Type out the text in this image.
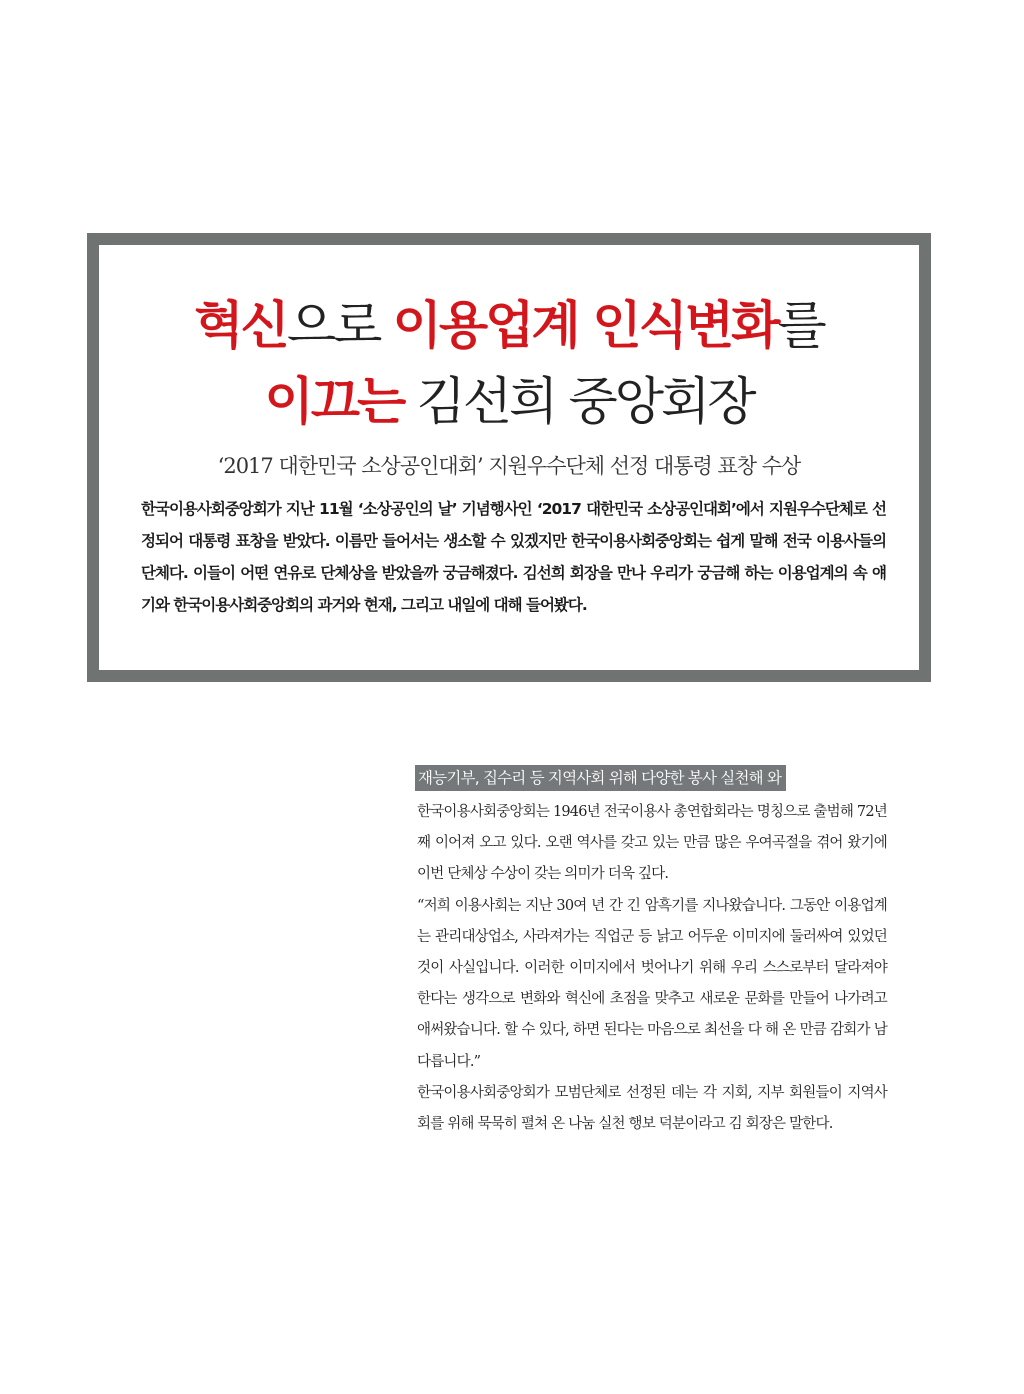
혁신으로 이용업계 인식변화를
이끄는 김선희 중앙회장
‘2017 대한민국 소상공인대회’ 지원우수단체 선정 대통령 표창 수상
한국이용사회중앙회가 지난 11월 ‘소상공인의 날’ 기념행사인 ‘2017 대한민국 소상공인대회’에서 지원우수단체로 선정되어 대통령 표창을 받았다. 이름만 들어서는 생소할 수 있겠지만 한국이용사회중앙회는 쉽게 말해 전국 이용사들의 단체다. 이들이 어떤 연유로 단체상을 받았을까 궁금해졌다. 김선희 회장을 만나 우리가 궁금해 하는 이용업계의 속 얘기와 한국이용사회중앙회의 과거와 현재, 그리고 내일에 대해 들어봤다.
재능기부, 집수리 등 지역사회 위해 다양한 봉사 실천해 와

한국이용사회중앙회는 1946년 전국이용사 총연합회라는 명칭으로 출범해 72년째 이어져 오고 있다. 오랜 역사를 갖고 있는 만큼 많은 우여곡절을 겪어 왔기에 이번 단체상 수상이 갖는 의미가 더욱 깊다.

“저희 이용사회는 지난 30여 년 간 긴 암흑기를 지나왔습니다. 그동안 이용업계는 관리대상업소, 사라져가는 직업군 등 낡고 어두운 이미지에 둘러싸여 있었던 것이 사실입니다. 이러한 이미지에서 벗어나기 위해 우리 스스로부터 달라져야 한다는 생각으로 변화와 혁신에 초점을 맞추고 새로운 문화를 만들어 나가려고 애써왔습니다. 할 수 있다, 하면 된다는 마음으로 최선을 다 해 온 만큼 감회가 남다릅니다.”

한국이용사회중앙회가 모범단체로 선정된 데는 각 지회, 지부 회원들이 지역사회를 위해 묵묵히 펼쳐 온 나눔 실천 행보 덕분이라고 김 회장은 말한다.
